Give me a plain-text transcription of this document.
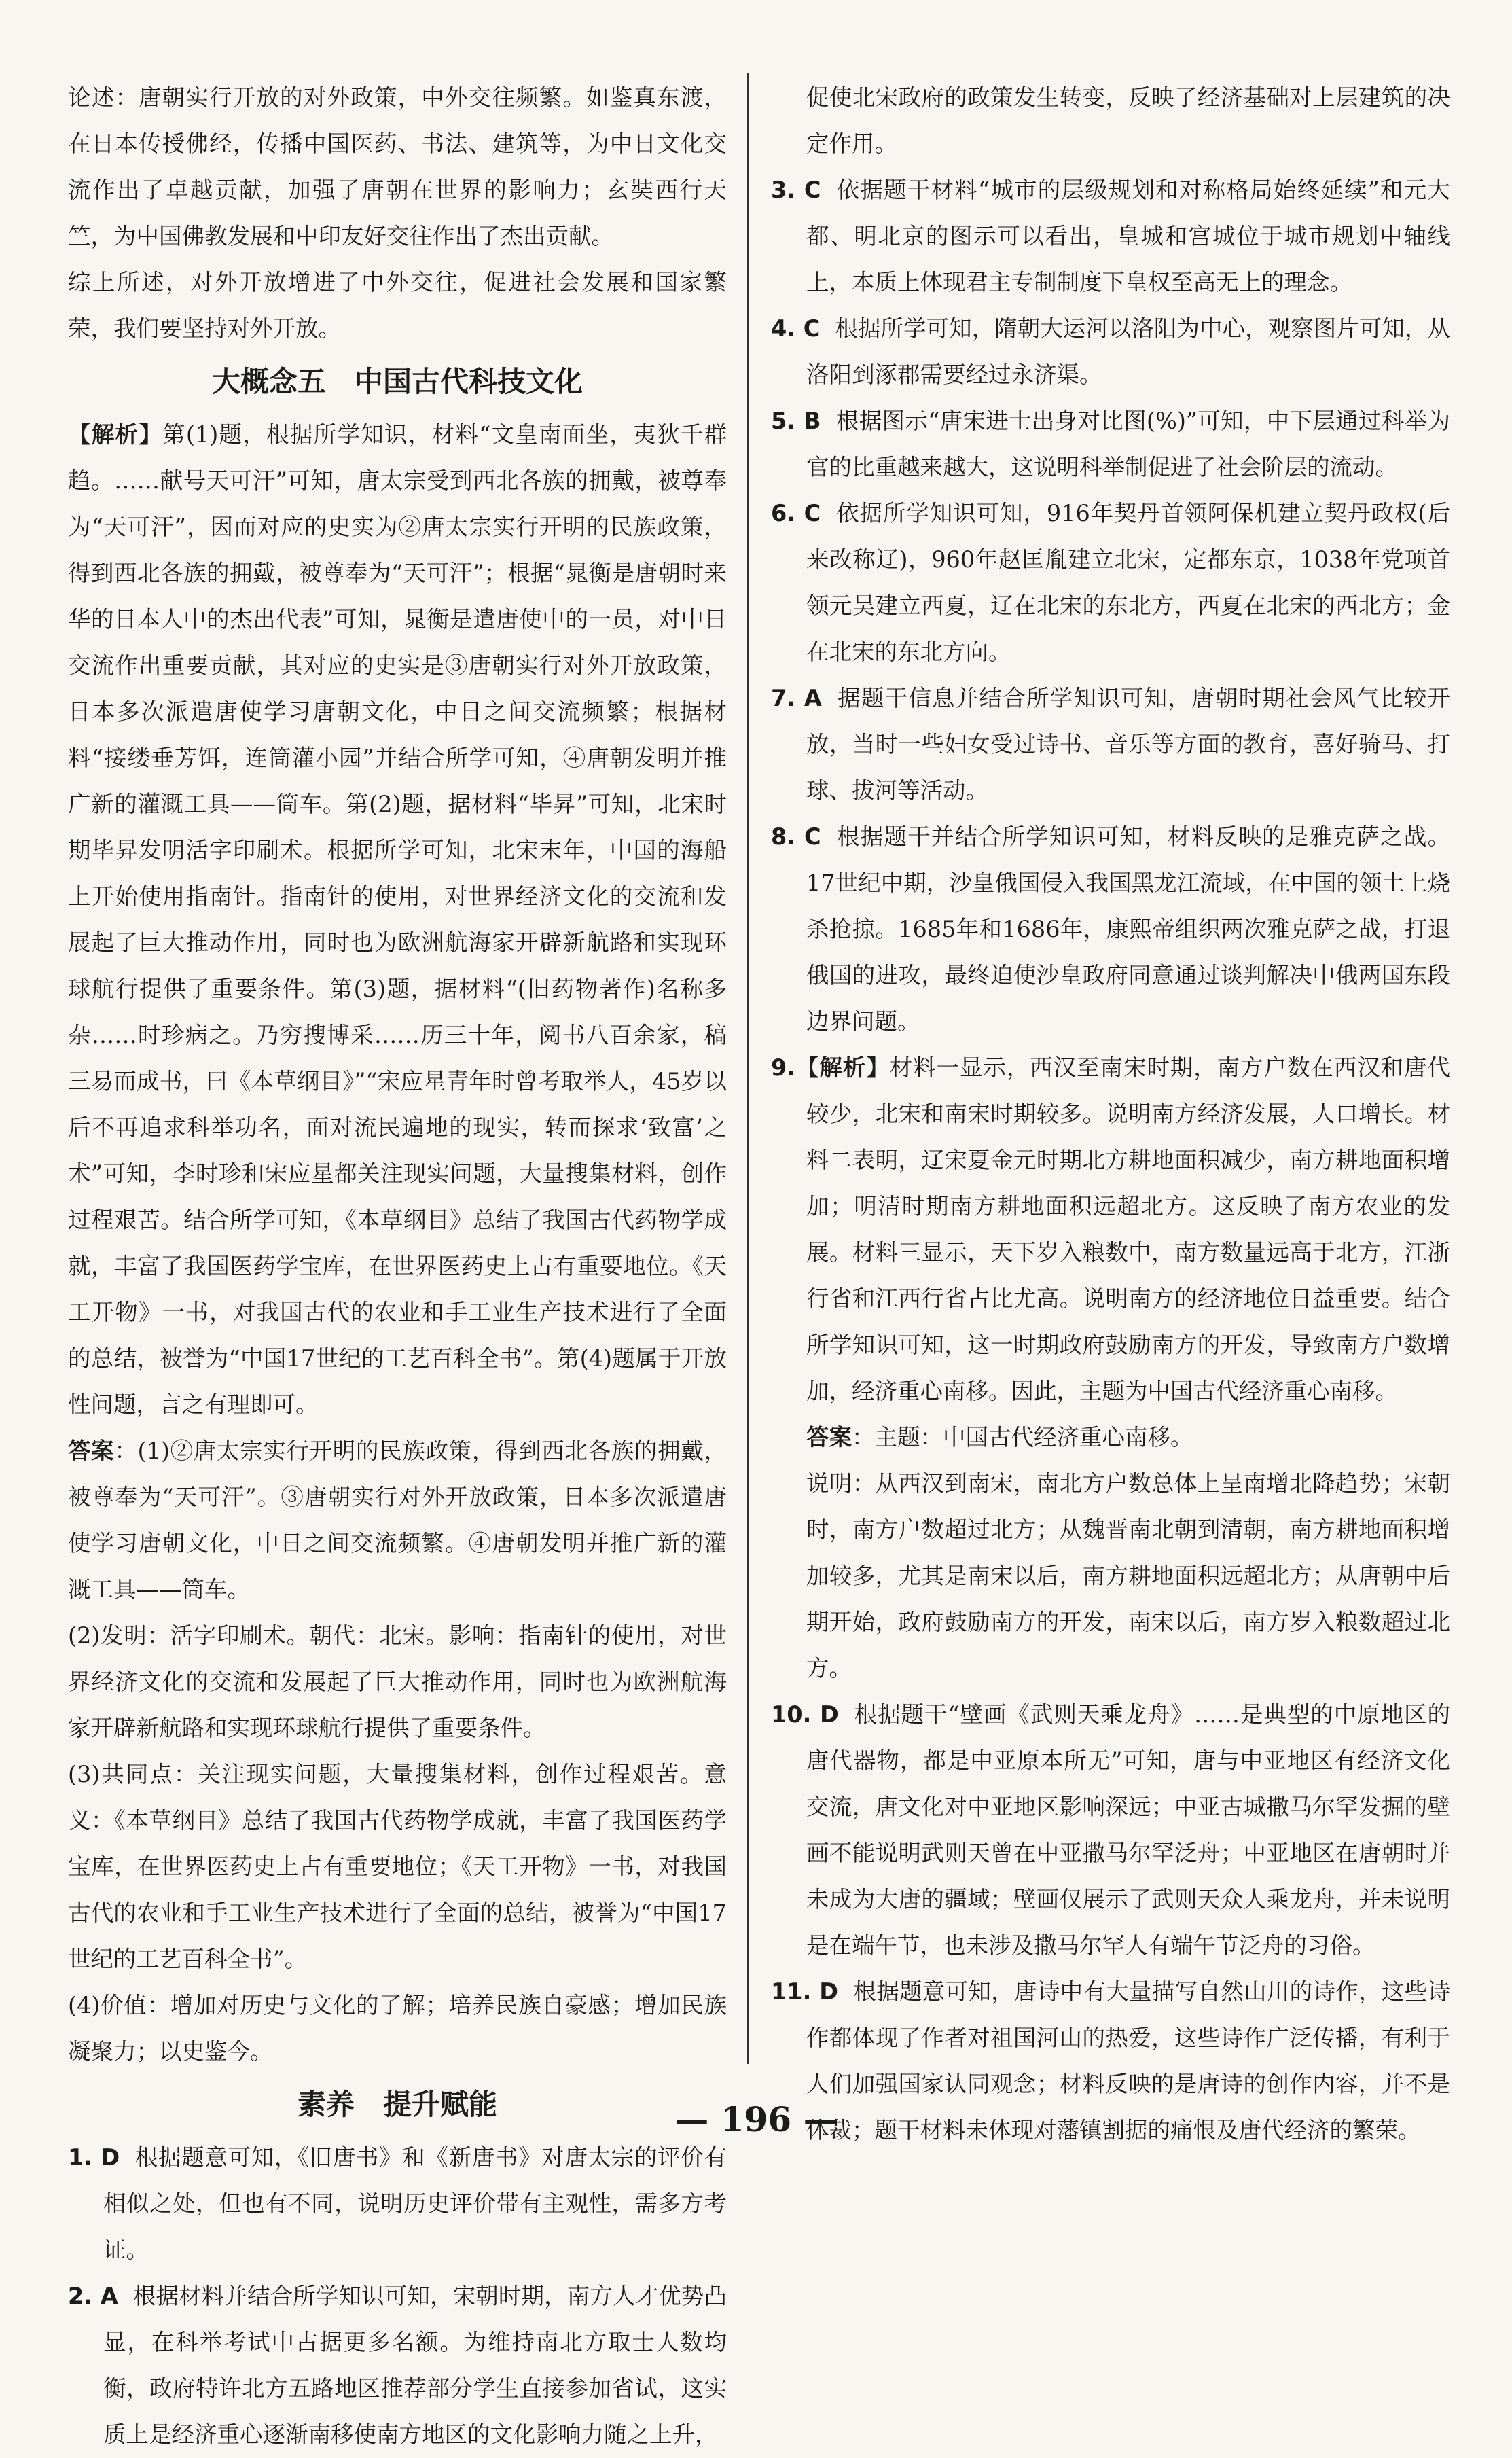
论述：唐朝实行开放的对外政策，中外交往频繁。如鉴真东渡，在日本传授佛经，传播中国医药、书法、建筑等，为中日文化交流作出了卓越贡献，加强了唐朝在世界的影响力；玄奘西行天竺，为中国佛教发展和中印友好交往作出了杰出贡献。

综上所述，对外开放增进了中外交往，促进社会发展和国家繁荣，我们要坚持对外开放。

大概念五　中国古代科技文化

【解析】第(1)题，根据所学知识，材料“文皇南面坐，夷狄千群趋。……献号天可汗”可知，唐太宗受到西北各族的拥戴，被尊奉为“天可汗”，因而对应的史实为②唐太宗实行开明的民族政策，得到西北各族的拥戴，被尊奉为“天可汗”；根据“晁衡是唐朝时来华的日本人中的杰出代表”可知，晁衡是遣唐使中的一员，对中日交流作出重要贡献，其对应的史实是③唐朝实行对外开放政策，日本多次派遣唐使学习唐朝文化，中日之间交流频繁；根据材料“接缕垂芳饵，连筒灌小园”并结合所学可知，④唐朝发明并推广新的灌溉工具——筒车。第(2)题，据材料“毕昇”可知，北宋时期毕昇发明活字印刷术。根据所学可知，北宋末年，中国的海船上开始使用指南针。指南针的使用，对世界经济文化的交流和发展起了巨大推动作用，同时也为欧洲航海家开辟新航路和实现环球航行提供了重要条件。第(3)题，据材料“(旧药物著作)名称多杂……时珍病之。乃穷搜博采……历三十年，阅书八百余家，稿三易而成书，曰《本草纲目》”“宋应星青年时曾考取举人，45岁以后不再追求科举功名，面对流民遍地的现实，转而探求‘致富’之术”可知，李时珍和宋应星都关注现实问题，大量搜集材料，创作过程艰苦。结合所学可知，《本草纲目》总结了我国古代药物学成就，丰富了我国医药学宝库，在世界医药史上占有重要地位。《天工开物》一书，对我国古代的农业和手工业生产技术进行了全面的总结，被誉为“中国17世纪的工艺百科全书”。第(4)题属于开放性问题，言之有理即可。

答案：(1)②唐太宗实行开明的民族政策，得到西北各族的拥戴，被尊奉为“天可汗”。③唐朝实行对外开放政策，日本多次派遣唐使学习唐朝文化，中日之间交流频繁。④唐朝发明并推广新的灌溉工具——筒车。

(2)发明：活字印刷术。朝代：北宋。影响：指南针的使用，对世界经济文化的交流和发展起了巨大推动作用，同时也为欧洲航海家开辟新航路和实现环球航行提供了重要条件。

(3)共同点：关注现实问题，大量搜集材料，创作过程艰苦。意义：《本草纲目》总结了我国古代药物学成就，丰富了我国医药学宝库，在世界医药史上占有重要地位；《天工开物》一书，对我国古代的农业和手工业生产技术进行了全面的总结，被誉为“中国17世纪的工艺百科全书”。

(4)价值：增加对历史与文化的了解；培养民族自豪感；增加民族凝聚力；以史鉴今。

素养　提升赋能

1. D 根据题意可知，《旧唐书》和《新唐书》对唐太宗的评价有相似之处，但也有不同，说明历史评价带有主观性，需多方考证。

2. A 根据材料并结合所学知识可知，宋朝时期，南方人才优势凸显，在科举考试中占据更多名额。为维持南北方取士人数均衡，政府特许北方五路地区推荐部分学生直接参加省试，这实质上是经济重心逐渐南移使南方地区的文化影响力随之上升，

促使北宋政府的政策发生转变，反映了经济基础对上层建筑的决定作用。

3. C 依据题干材料“城市的层级规划和对称格局始终延续”和元大都、明北京的图示可以看出，皇城和宫城位于城市规划中轴线上，本质上体现君主专制制度下皇权至高无上的理念。

4. C 根据所学可知，隋朝大运河以洛阳为中心，观察图片可知，从洛阳到涿郡需要经过永济渠。

5. B 根据图示“唐宋进士出身对比图(%)”可知，中下层通过科举为官的比重越来越大，这说明科举制促进了社会阶层的流动。

6. C 依据所学知识可知，916年契丹首领阿保机建立契丹政权(后来改称辽)，960年赵匡胤建立北宋，定都东京，1038年党项首领元昊建立西夏，辽在北宋的东北方，西夏在北宋的西北方；金在北宋的东北方向。

7. A 据题干信息并结合所学知识可知，唐朝时期社会风气比较开放，当时一些妇女受过诗书、音乐等方面的教育，喜好骑马、打球、拔河等活动。

8. C 根据题干并结合所学知识可知，材料反映的是雅克萨之战。17世纪中期，沙皇俄国侵入我国黑龙江流域，在中国的领土上烧杀抢掠。1685年和1686年，康熙帝组织两次雅克萨之战，打退俄国的进攻，最终迫使沙皇政府同意通过谈判解决中俄两国东段边界问题。

9.【解析】材料一显示，西汉至南宋时期，南方户数在西汉和唐代较少，北宋和南宋时期较多。说明南方经济发展，人口增长。材料二表明，辽宋夏金元时期北方耕地面积减少，南方耕地面积增加；明清时期南方耕地面积远超北方。这反映了南方农业的发展。材料三显示，天下岁入粮数中，南方数量远高于北方，江浙行省和江西行省占比尤高。说明南方的经济地位日益重要。结合所学知识可知，这一时期政府鼓励南方的开发，导致南方户数增加，经济重心南移。因此，主题为中国古代经济重心南移。

答案：主题：中国古代经济重心南移。

说明：从西汉到南宋，南北方户数总体上呈南增北降趋势；宋朝时，南方户数超过北方；从魏晋南北朝到清朝，南方耕地面积增加较多，尤其是南宋以后，南方耕地面积远超北方；从唐朝中后期开始，政府鼓励南方的开发，南宋以后，南方岁入粮数超过北方。

10. D 根据题干“壁画《武则天乘龙舟》……是典型的中原地区的唐代器物，都是中亚原本所无”可知，唐与中亚地区有经济文化交流，唐文化对中亚地区影响深远；中亚古城撒马尔罕发掘的壁画不能说明武则天曾在中亚撒马尔罕泛舟；中亚地区在唐朝时并未成为大唐的疆域；壁画仅展示了武则天众人乘龙舟，并未说明是在端午节，也未涉及撒马尔罕人有端午节泛舟的习俗。

11. D 根据题意可知，唐诗中有大量描写自然山川的诗作，这些诗作都体现了作者对祖国河山的热爱，这些诗作广泛传播，有利于人们加强国家认同观念；材料反映的是唐诗的创作内容，并不是体裁；题干材料未体现对藩镇割据的痛恨及唐代经济的繁荣。

— 196 —
